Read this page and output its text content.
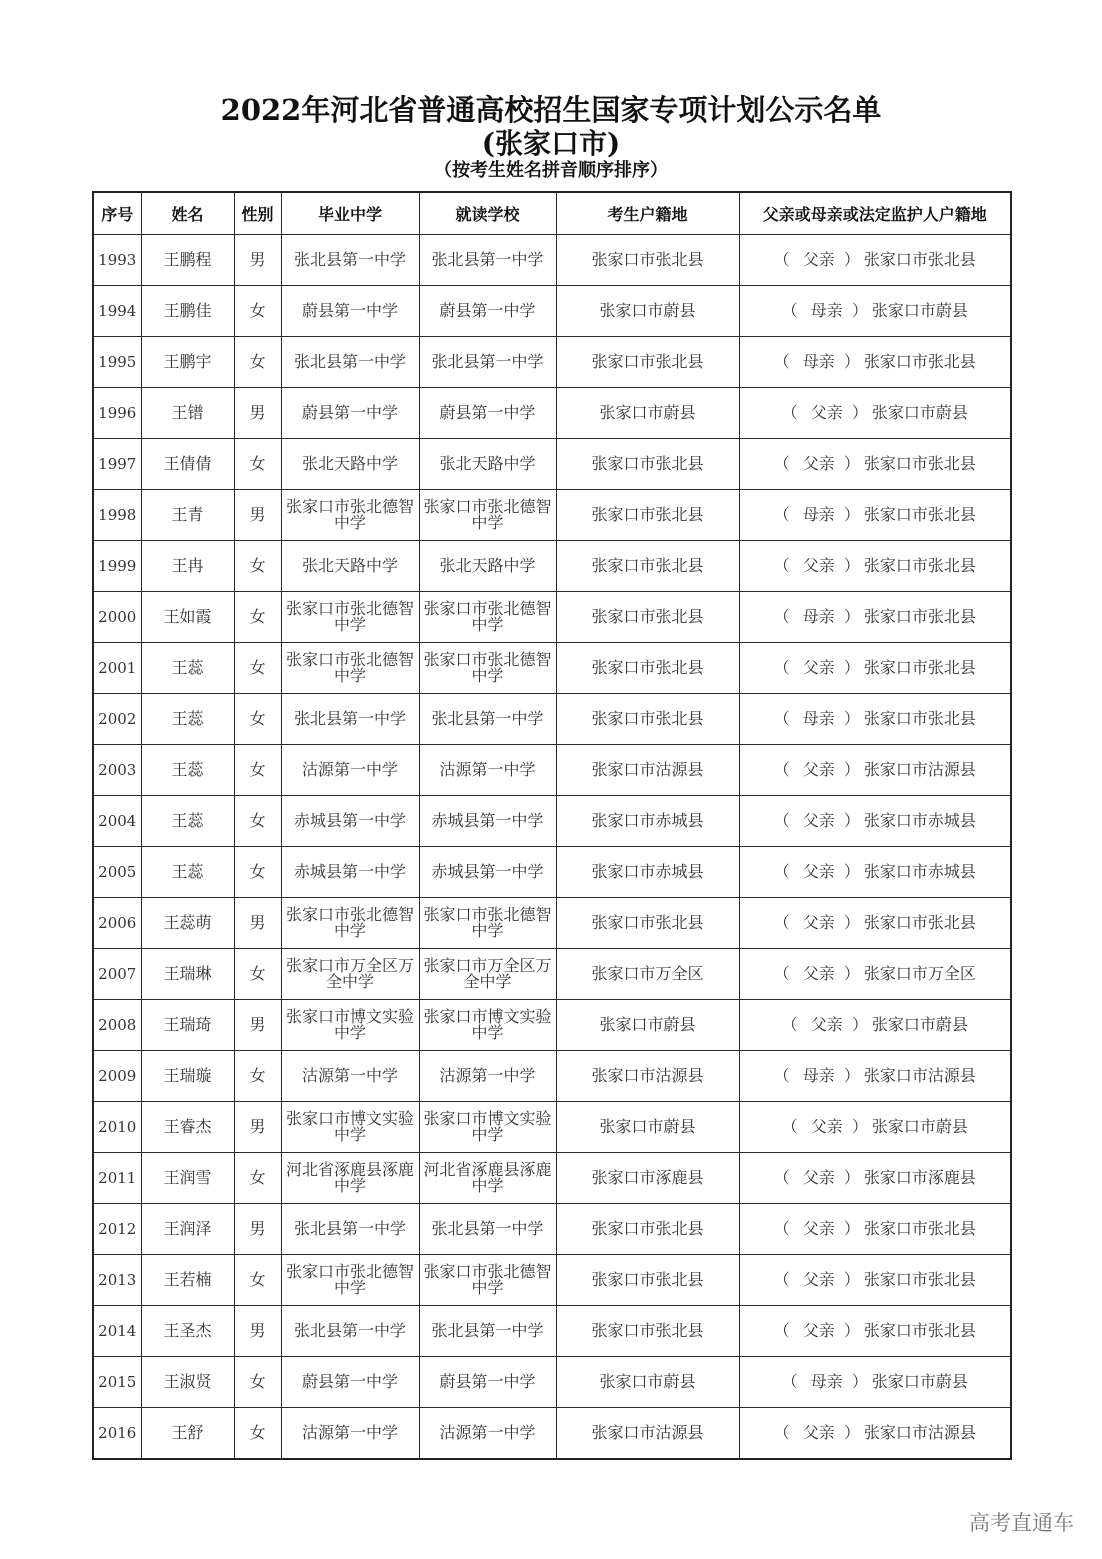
2022年河北省普通高校招生国家专项计划公示名单
(张家口市)
（按考生姓名拼音顺序排序）
序号	姓名	性别	毕业中学	就读学校	考生户籍地	父亲或母亲或法定监护人户籍地
1993	王鹏程	男	张北县第一中学	张北县第一中学	张家口市张北县	（ 父亲 ）张家口市张北县
1994	王鹏佳	女	蔚县第一中学	蔚县第一中学	张家口市蔚县	（ 母亲 ）张家口市蔚县
1995	王鹏宇	女	张北县第一中学	张北县第一中学	张家口市张北县	（ 母亲 ）张家口市张北县
1996	王镨	男	蔚县第一中学	蔚县第一中学	张家口市蔚县	（ 父亲 ）张家口市蔚县
1997	王倩倩	女	张北天路中学	张北天路中学	张家口市张北县	（ 父亲 ）张家口市张北县
1998	王青	男	张家口市张北德智中学	张家口市张北德智中学	张家口市张北县	（ 母亲 ）张家口市张北县
1999	王冉	女	张北天路中学	张北天路中学	张家口市张北县	（ 父亲 ）张家口市张北县
2000	王如霞	女	张家口市张北德智中学	张家口市张北德智中学	张家口市张北县	（ 母亲 ）张家口市张北县
2001	王蕊	女	张家口市张北德智中学	张家口市张北德智中学	张家口市张北县	（ 父亲 ）张家口市张北县
2002	王蕊	女	张北县第一中学	张北县第一中学	张家口市张北县	（ 母亲 ）张家口市张北县
2003	王蕊	女	沽源第一中学	沽源第一中学	张家口市沽源县	（ 父亲 ）张家口市沽源县
2004	王蕊	女	赤城县第一中学	赤城县第一中学	张家口市赤城县	（ 父亲 ）张家口市赤城县
2005	王蕊	女	赤城县第一中学	赤城县第一中学	张家口市赤城县	（ 父亲 ）张家口市赤城县
2006	王蕊萌	男	张家口市张北德智中学	张家口市张北德智中学	张家口市张北县	（ 父亲 ）张家口市张北县
2007	王瑞琳	女	张家口市万全区万全中学	张家口市万全区万全中学	张家口市万全区	（ 父亲 ）张家口市万全区
2008	王瑞琦	男	张家口市博文实验中学	张家口市博文实验中学	张家口市蔚县	（ 父亲 ）张家口市蔚县
2009	王瑞璇	女	沽源第一中学	沽源第一中学	张家口市沽源县	（ 母亲 ）张家口市沽源县
2010	王睿杰	男	张家口市博文实验中学	张家口市博文实验中学	张家口市蔚县	（ 父亲 ）张家口市蔚县
2011	王润雪	女	河北省涿鹿县涿鹿中学	河北省涿鹿县涿鹿中学	张家口市涿鹿县	（ 父亲 ）张家口市涿鹿县
2012	王润泽	男	张北县第一中学	张北县第一中学	张家口市张北县	（ 父亲 ）张家口市张北县
2013	王若楠	女	张家口市张北德智中学	张家口市张北德智中学	张家口市张北县	（ 父亲 ）张家口市张北县
2014	王圣杰	男	张北县第一中学	张北县第一中学	张家口市张北县	（ 父亲 ）张家口市张北县
2015	王淑贤	女	蔚县第一中学	蔚县第一中学	张家口市蔚县	（ 母亲 ）张家口市蔚县
2016	王舒	女	沽源第一中学	沽源第一中学	张家口市沽源县	（ 父亲 ）张家口市沽源县
高考直通车
